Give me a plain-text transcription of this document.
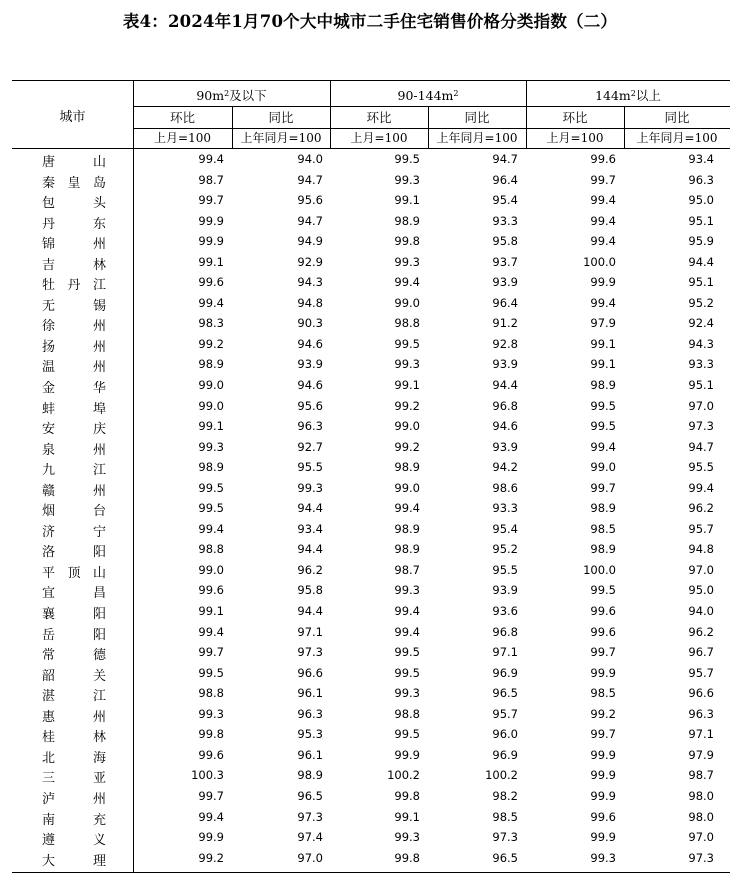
表4：2024年1月70个大中城市二手住宅销售价格分类指数（二）
城市
$90m^2$及以下	$90-144m^2$	$144m^2$以上
环比	同比	环比	同比	环比	同比
上月=100	上年同月=100	上月=100	上年同月=100	上月=100	上年同月=100
唐	山	99.4	94.0	99.5	94.7	99.6	93.4
秦 皇 岛	98.7	94.7	99.3	96.4	99.7	96.3
包	头	99.7	95.6	99.1	95.4	99.4	95.0
丹	东	99.9	94.7	98.9	93.3	99.4	95.1
锦	州	99.9	94.9	99.8	95.8	99.4	95.9
吉	林	99.1	92.9	99.3	93.7	100.0	94.4
牡 丹 江	99.6	94.3	99.4	93.9	99.9	95.1
无	锡	99.4	94.8	99.0	96.4	99.4	95.2
徐	州	98.3	90.3	98.8	91.2	97.9	92.4
扬	州	99.2	94.6	99.5	92.8	99.1	94.3
温	州	98.9	93.9	99.3	93.9	99.1	93.3
金	华	99.0	94.6	99.1	94.4	98.9	95.1
蚌	埠	99.0	95.6	99.2	96.8	99.5	97.0
安	庆	99.1	96.3	99.0	94.6	99.5	97.3
泉	州	99.3	92.7	99.2	93.9	99.4	94.7
九	江	98.9	95.5	98.9	94.2	99.0	95.5
赣	州	99.5	99.3	99.0	98.6	99.7	99.4
烟	台	99.5	94.4	99.4	93.3	98.9	96.2
济	宁	99.4	93.4	98.9	95.4	98.5	95.7
洛	阳	98.8	94.4	98.9	95.2	98.9	94.8
平 顶 山	99.0	96.2	98.7	95.5	100.0	97.0
宜	昌	99.6	95.8	99.3	93.9	99.5	95.0
襄	阳	99.1	94.4	99.4	93.6	99.6	94.0
岳	阳	99.4	97.1	99.4	96.8	99.6	96.2
常	德	99.7	97.3	99.5	97.1	99.7	96.7
韶	关	99.5	96.6	99.5	96.9	99.9	95.7
湛	江	98.8	96.1	99.3	96.5	98.5	96.6
惠	州	99.3	96.3	98.8	95.7	99.2	96.3
桂	林	99.8	95.3	99.5	96.0	99.7	97.1
北	海	99.6	96.1	99.9	96.9	99.9	97.9
三	亚	100.3	98.9	100.2	100.2	99.9	98.7
泸	州	99.7	96.5	99.8	98.2	99.9	98.0
南	充	99.4	97.3	99.1	98.5	99.6	98.0
遵	义	99.9	97.4	99.3	97.3	99.9	97.0
大	理	99.2	97.0	99.8	96.5	99.3	97.3
